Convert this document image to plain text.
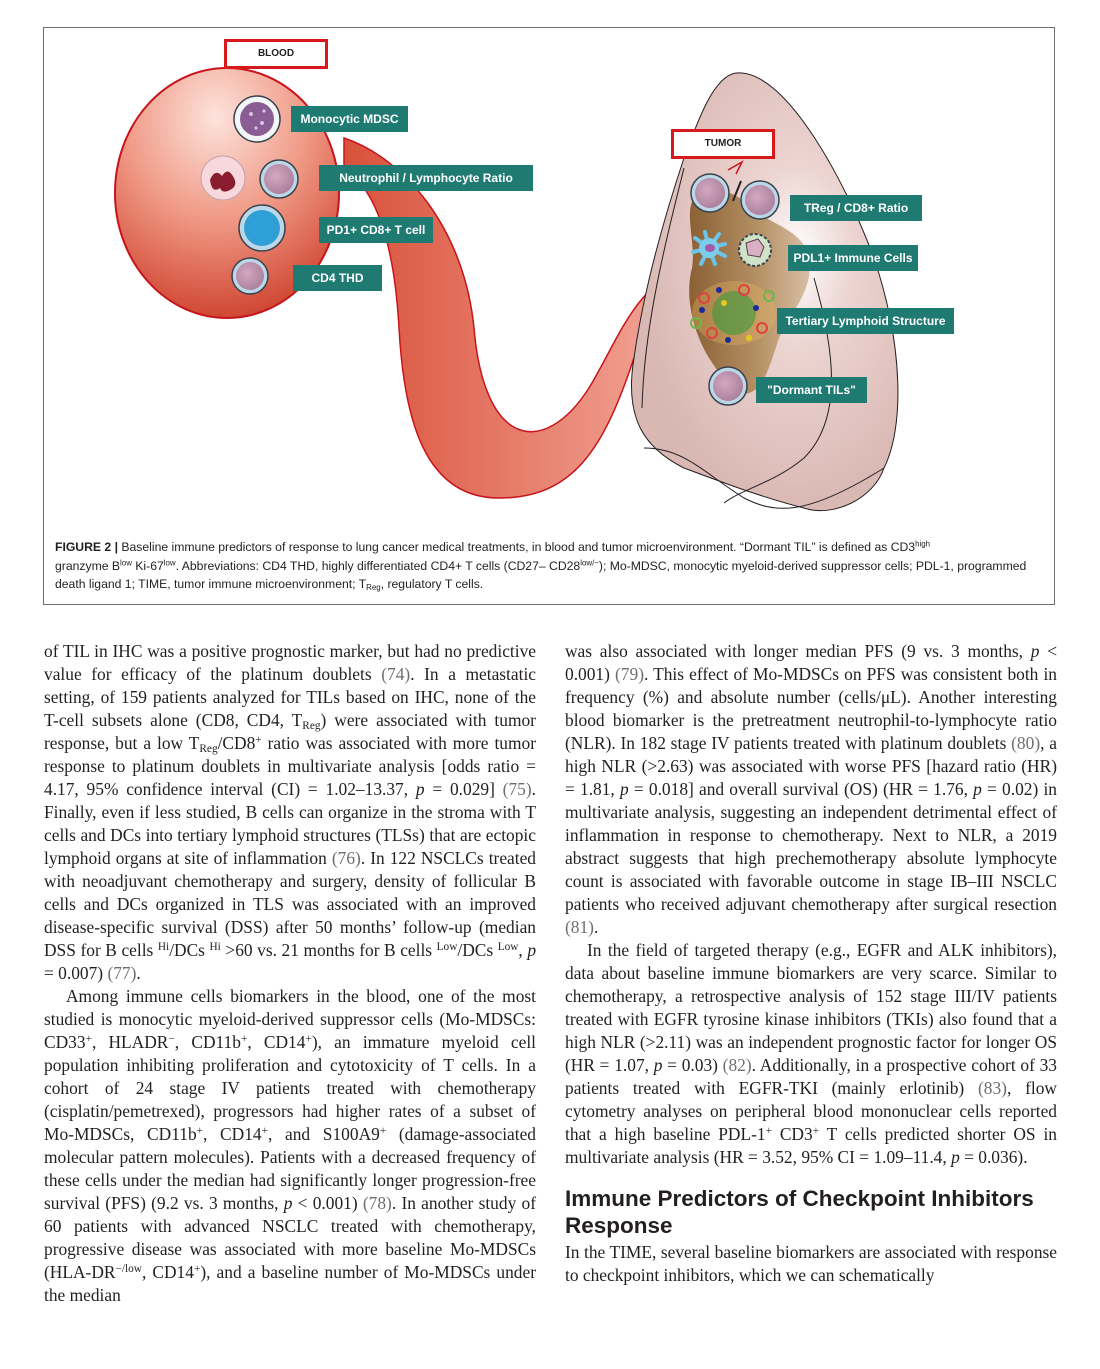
BLOOD
TUMOR
Monocytic MDSC
Neutrophil / Lymphocyte Ratio
PD1+ CD8+ T cell
CD4 THD
TReg / CD8+ Ratio
PDL1+ Immune Cells
Tertiary Lymphoid Structure
"Dormant TILs"
FIGURE 2 | Baseline immune predictors of response to lung cancer medical treatments, in blood and tumor microenvironment. “Dormant TIL” is defined as $CD3^{high}$
granzyme $B^{low}$ $Ki-67^{low}$. Abbreviations: CD4 THD, highly differentiated CD4+ T cells (CD27– $CD28^{low/-}$); Mo-MDSC, monocytic myeloid-derived suppressor cells; PDL-1, programmed death ligand 1; TIME, tumor immune microenvironment; $T_{Reg}$, regulatory T cells.

of TIL in IHC was a positive prognostic marker, but had no predictive value for efficacy of the platinum doublets (74). In a metastatic setting, of 159 patients analyzed for TILs based on IHC, none of the T-cell subsets alone (CD8, CD4, $T_{Reg}$) were associated with tumor response, but a low $T_{Reg}/CD8^+$ ratio was associated with more tumor response to platinum doublets in multivariate analysis [odds ratio = 4.17, 95% confidence interval (CI) = 1.02–13.37, p = 0.029] (75). Finally, even if less studied, B cells can organize in the stroma with T cells and DCs into tertiary lymphoid structures (TLSs) that are ectopic lymphoid organs at site of inflammation (76). In 122 NSCLCs treated with neoadjuvant chemotherapy and surgery, density of follicular B cells and DCs organized in TLS was associated with an improved disease-specific survival (DSS) after 50 months’ follow-up (median DSS for B cells $^{Hi}$/DCs $^{Hi}$ >60 vs. 21 months for B cells $^{Low}$/DCs $^{Low}$, p = 0.007) (77).

Among immune cells biomarkers in the blood, one of the most studied is monocytic myeloid-derived suppressor cells (Mo-MDSCs: CD33+, HLADR−, CD11b+, CD14+), an immature myeloid cell population inhibiting proliferation and cytotoxicity of T cells. In a cohort of 24 stage IV patients treated with chemotherapy (cisplatin/pemetrexed), progressors had higher rates of a subset of Mo-MDSCs, CD11b+, CD14+, and S100A9+ (damage-associated molecular pattern molecules). Patients with a decreased frequency of these cells under the median had significantly longer progression-free survival (PFS) (9.2 vs. 3 months, p < 0.001) (78). In another study of 60 patients with advanced NSCLC treated with chemotherapy, progressive disease was associated with more baseline Mo-MDSCs ($HLA-DR^{-/low}$, CD14+), and a baseline number of Mo-MDSCs under the median

was also associated with longer median PFS (9 vs. 3 months, p < 0.001) (79). This effect of Mo-MDSCs on PFS was consistent both in frequency (%) and absolute number (cells/μL). Another interesting blood biomarker is the pretreatment neutrophil-to-lymphocyte ratio (NLR). In 182 stage IV patients treated with platinum doublets (80), a high NLR (>2.63) was associated with worse PFS [hazard ratio (HR) = 1.81, p = 0.018] and overall survival (OS) (HR = 1.76, p = 0.02) in multivariate analysis, suggesting an independent detrimental effect of inflammation in response to chemotherapy. Next to NLR, a 2019 abstract suggests that high prechemotherapy absolute lymphocyte count is associated with favorable outcome in stage IB–III NSCLC patients who received adjuvant chemotherapy after surgical resection (81).

In the field of targeted therapy (e.g., EGFR and ALK inhibitors), data about baseline immune biomarkers are very scarce. Similar to chemotherapy, a retrospective analysis of 152 stage III/IV patients treated with EGFR tyrosine kinase inhibitors (TKIs) also found that a high NLR (>2.11) was an independent prognostic factor for longer OS (HR = 1.07, p = 0.03) (82). Additionally, in a prospective cohort of 33 patients treated with EGFR-TKI (mainly erlotinib) (83), flow cytometry analyses on peripheral blood mononuclear cells reported that a high baseline PDL-1+ CD3+ T cells predicted shorter OS in multivariate analysis (HR = 3.52, 95% CI = 1.09–11.4, p = 0.036).

Immune Predictors of Checkpoint Inhibitors Response

In the TIME, several baseline biomarkers are associated with response to checkpoint inhibitors, which we can schematically
